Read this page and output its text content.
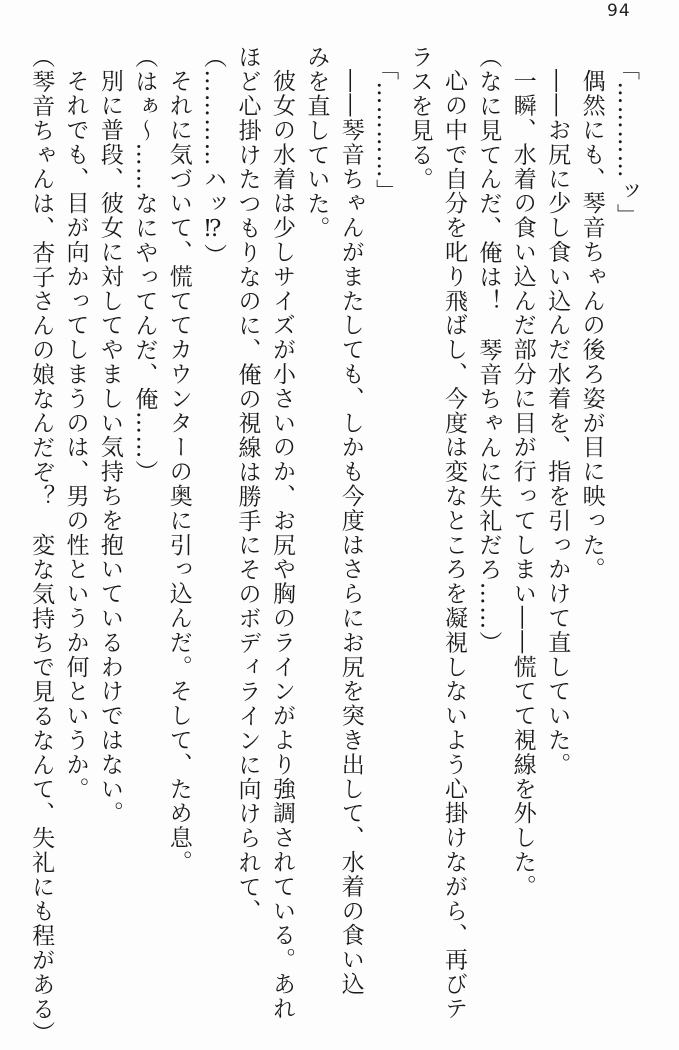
94

「…………ッ」

偶然にも、琴音ちゃんの後ろ姿が目に映った。

――お尻に少し食い込んだ水着を、指を引っかけて直していた。

一瞬、水着の食い込んだ部分に目が行ってしまい――慌てて視線を外した。

（なに見てんだ、俺は！　琴音ちゃんに失礼だろ……）

心の中で自分を叱り飛ばし、今度は変なところを凝視しないよう心掛けながら、再びテ

ラスを見る。

「…………」

――琴音ちゃんがまたしても、しかも今度はさらにお尻を突き出して、水着の食い込

みを直していた。

彼女の水着は少しサイズが小さいのか、お尻や胸のラインがより強調されている。あれ

ほど心掛けたつもりなのに、俺の視線は勝手にそのボディラインに向けられて、

（…………ハッ⁉）

それに気づいて、慌ててカウンターの奥に引っ込んだ。そして、ため息。

（はぁ～……なにやってんだ、俺……）

別に普段、彼女に対してやましい気持ちを抱いているわけではない。

それでも、目が向かってしまうのは、男の性というか何というか。

（琴音ちゃんは、杏子さんの娘なんだぞ？　変な気持ちで見るなんて、失礼にも程がある）
